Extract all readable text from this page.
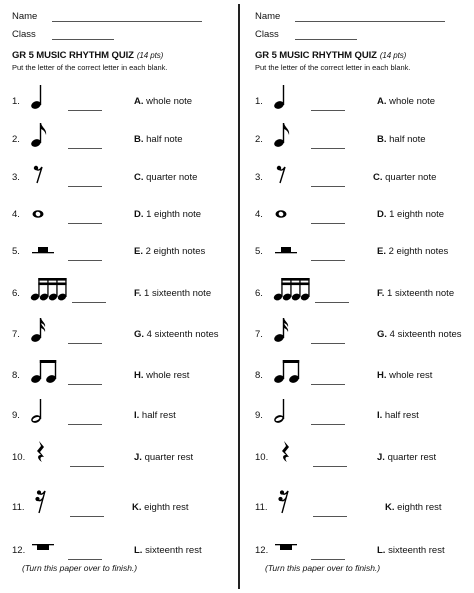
Name
Class
GR 5 MUSIC RHYTHM QUIZ (14 pts)
Put the letter of the correct letter in each blank.
1.	A. whole note
2.	B. half note
3.	C. quarter note
4.	D. 1 eighth note
5.	E. 2 eighth notes
6.	F. 1 sixteenth note
7.	G. 4 sixteenth notes
8.	H. whole rest
9.	I. half rest
10.	J. quarter rest
11.	K. eighth rest
12.	L. sixteenth rest
(Turn this paper over to finish.)
Name
Class
GR 5 MUSIC RHYTHM QUIZ (14 pts)
Put the letter of the correct letter in each blank.
1.	A. whole note
2.	B. half note
3.	C. quarter note
4.	D. 1 eighth note
5.	E. 2 eighth notes
6.	F. 1 sixteenth note
7.	G. 4 sixteenth notes
8.	H. whole rest
9.	I. half rest
10.	J. quarter rest
11.	K. eighth rest
12.	L. sixteenth rest
(Turn this paper over to finish.)
